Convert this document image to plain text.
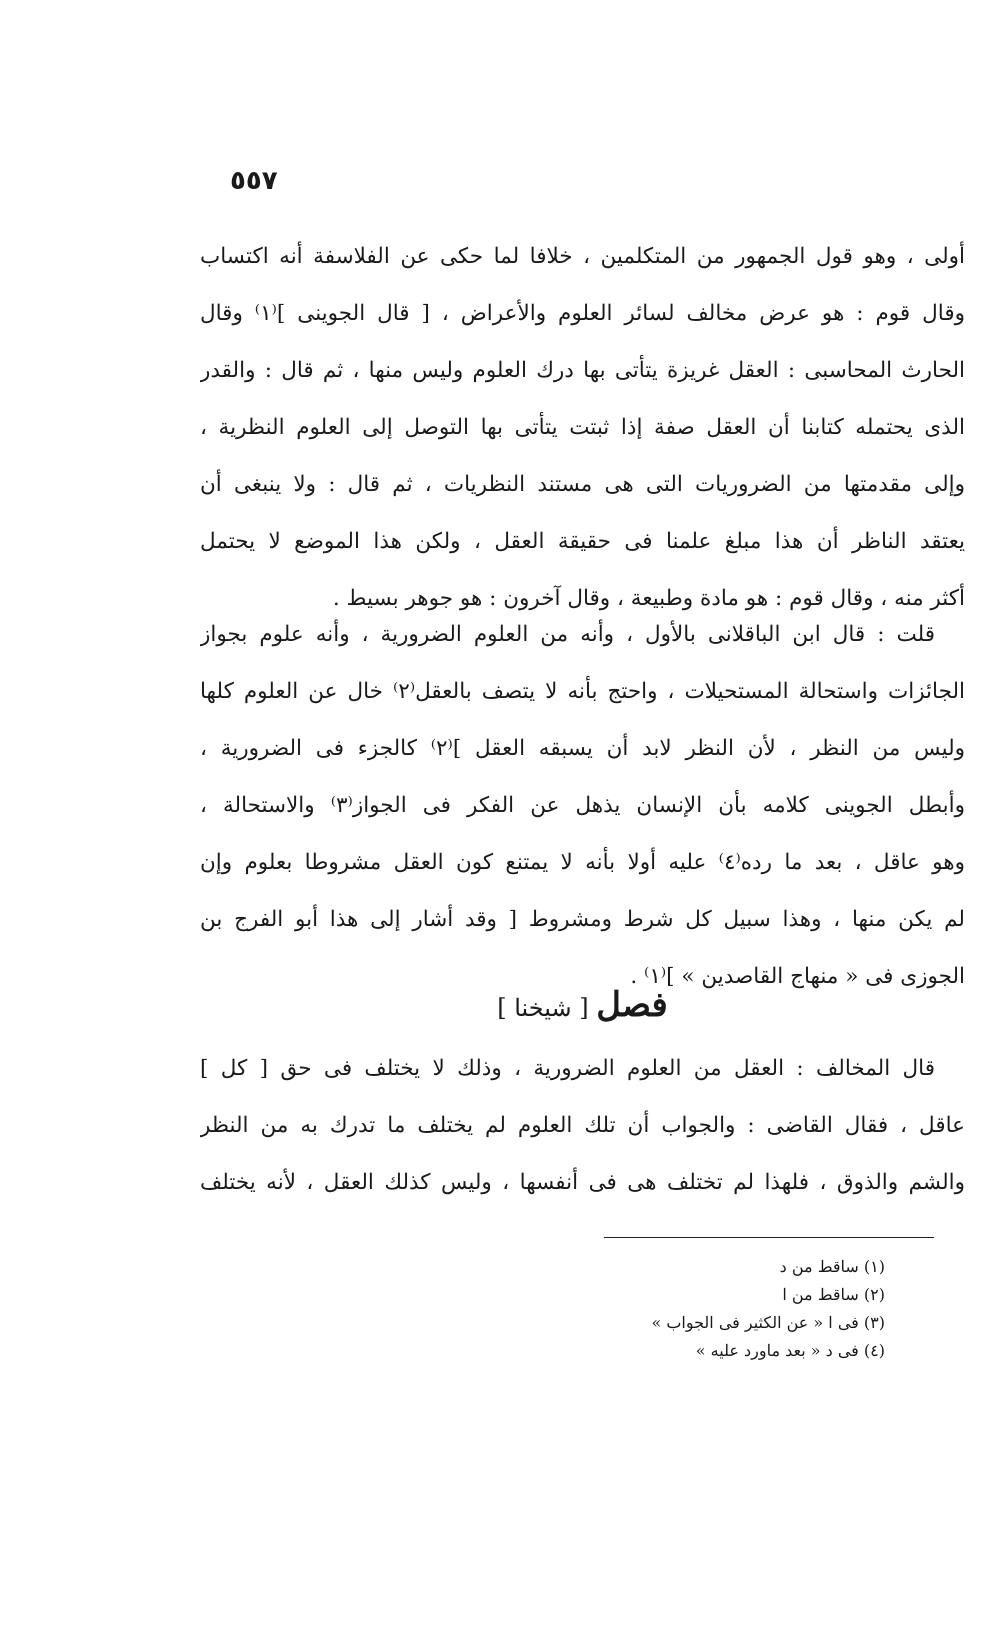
٥٥٧
أولى ، وهو قول الجمهور من المتكلمين ، خلافا لما حكى عن الفلاسفة أنه اكتساب
وقال قوم : هو عرض مخالف لسائر العلوم والأعراض ، [ قال الجوينى ]⁽١⁾ وقال
الحارث المحاسبى : العقل غريزة يتأتى بها درك العلوم وليس منها ، ثم قال : والقدر
الذى يحتمله كتابنا أن العقل صفة إذا ثبتت يتأتى بها التوصل إلى العلوم النظرية ،
وإلى مقدمتها من الضروريات التى هى مستند النظريات ، ثم قال : ولا ينبغى أن
يعتقد الناظر أن هذا مبلغ علمنا فى حقيقة العقل ، ولكن هذا الموضع لا يحتمل
أكثر منه ، وقال قوم : هو مادة وطبيعة ، وقال آخرون : هو جوهر بسيط .
قلت : قال ابن الباقلانى بالأول ، وأنه من العلوم الضرورية ، وأنه علوم بجواز
الجائزات واستحالة المستحيلات ، واحتج بأنه لا يتصف بالعقل⁽٢⁾ خال عن العلوم كلها
وليس من النظر ، لأن النظر لابد أن يسبقه العقل ]⁽٢⁾ كالجزء فى الضرورية ،
وأبطل الجوينى كلامه بأن الإنسان يذهل عن الفكر فى الجواز⁽٣⁾ والاستحالة ،
وهو عاقل ، بعد ما رده⁽٤⁾ عليه أولا بأنه لا يمتنع كون العقل مشروطا بعلوم وإن
لم يكن منها ، وهذا سبيل كل شرط ومشروط [ وقد أشار إلى هذا أبو الفرج بن
الجوزى فى « منهاج القاصدين » ]⁽١⁾ .
فصل [ شيخنا ]
قال المخالف : العقل من العلوم الضرورية ، وذلك لا يختلف فى حق [ كل ]
عاقل ، فقال القاضى : والجواب أن تلك العلوم لم يختلف ما تدرك به من النظر
والشم والذوق ، فلهذا لم تختلف هى فى أنفسها ، وليس كذلك العقل ، لأنه يختلف
(١) ساقط من د
(٢) ساقط من ا
(٣) فى ا « عن الكثير فى الجواب »
(٤) فى د « بعد ماورد عليه »
